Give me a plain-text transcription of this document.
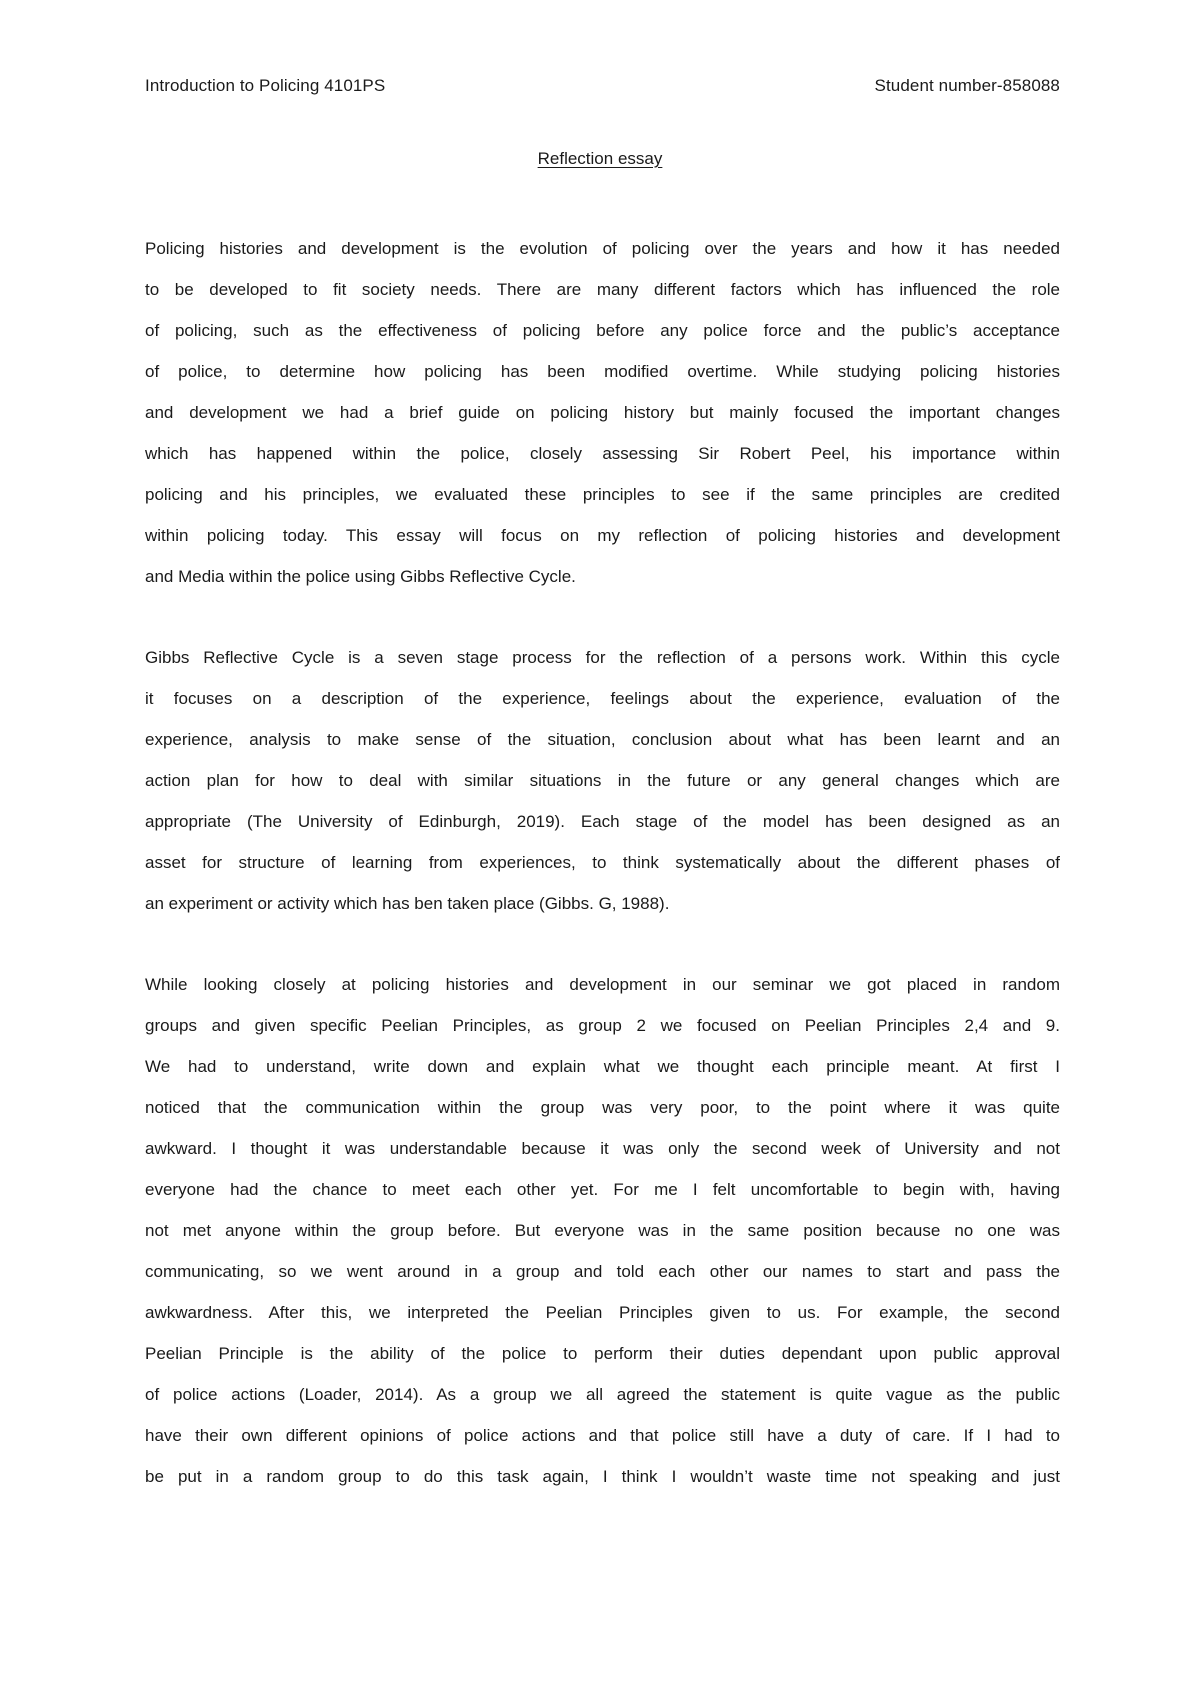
Introduction to Policing 4101PS	Student number-858088
Reflection essay
Policing histories and development is the evolution of policing over the years and how it has needed
to be developed to fit society needs. There are many different factors which has influenced the role
of policing, such as the effectiveness of policing before any police force and the public’s acceptance
of police, to determine how policing has been modified overtime. While studying policing histories
and development we had a brief guide on policing history but mainly focused the important changes
which has happened within the police, closely assessing Sir Robert Peel, his importance within
policing and his principles, we evaluated these principles to see if the same principles are credited
within policing today. This essay will focus on my reflection of policing histories and development
and Media within the police using Gibbs Reflective Cycle.
Gibbs Reflective Cycle is a seven stage process for the reflection of a persons work. Within this cycle
it focuses on a description of the experience, feelings about the experience, evaluation of the
experience, analysis to make sense of the situation, conclusion about what has been learnt and an
action plan for how to deal with similar situations in the future or any general changes which are
appropriate (The University of Edinburgh, 2019). Each stage of the model has been designed as an
asset for structure of learning from experiences, to think systematically about the different phases of
an experiment or activity which has ben taken place (Gibbs. G, 1988).
While looking closely at policing histories and development in our seminar we got placed in random
groups and given specific Peelian Principles, as group 2 we focused on Peelian Principles 2,4 and 9.
We had to understand, write down and explain what we thought each principle meant. At first I
noticed that the communication within the group was very poor, to the point where it was quite
awkward. I thought it was understandable because it was only the second week of University and not
everyone had the chance to meet each other yet. For me I felt uncomfortable to begin with, having
not met anyone within the group before. But everyone was in the same position because no one was
communicating, so we went around in a group and told each other our names to start and pass the
awkwardness. After this, we interpreted the Peelian Principles given to us. For example, the second
Peelian Principle is the ability of the police to perform their duties dependant upon public approval
of police actions (Loader, 2014). As a group we all agreed the statement is quite vague as the public
have their own different opinions of police actions and that police still have a duty of care. If I had to
be put in a random group to do this task again, I think I wouldn’t waste time not speaking and just
